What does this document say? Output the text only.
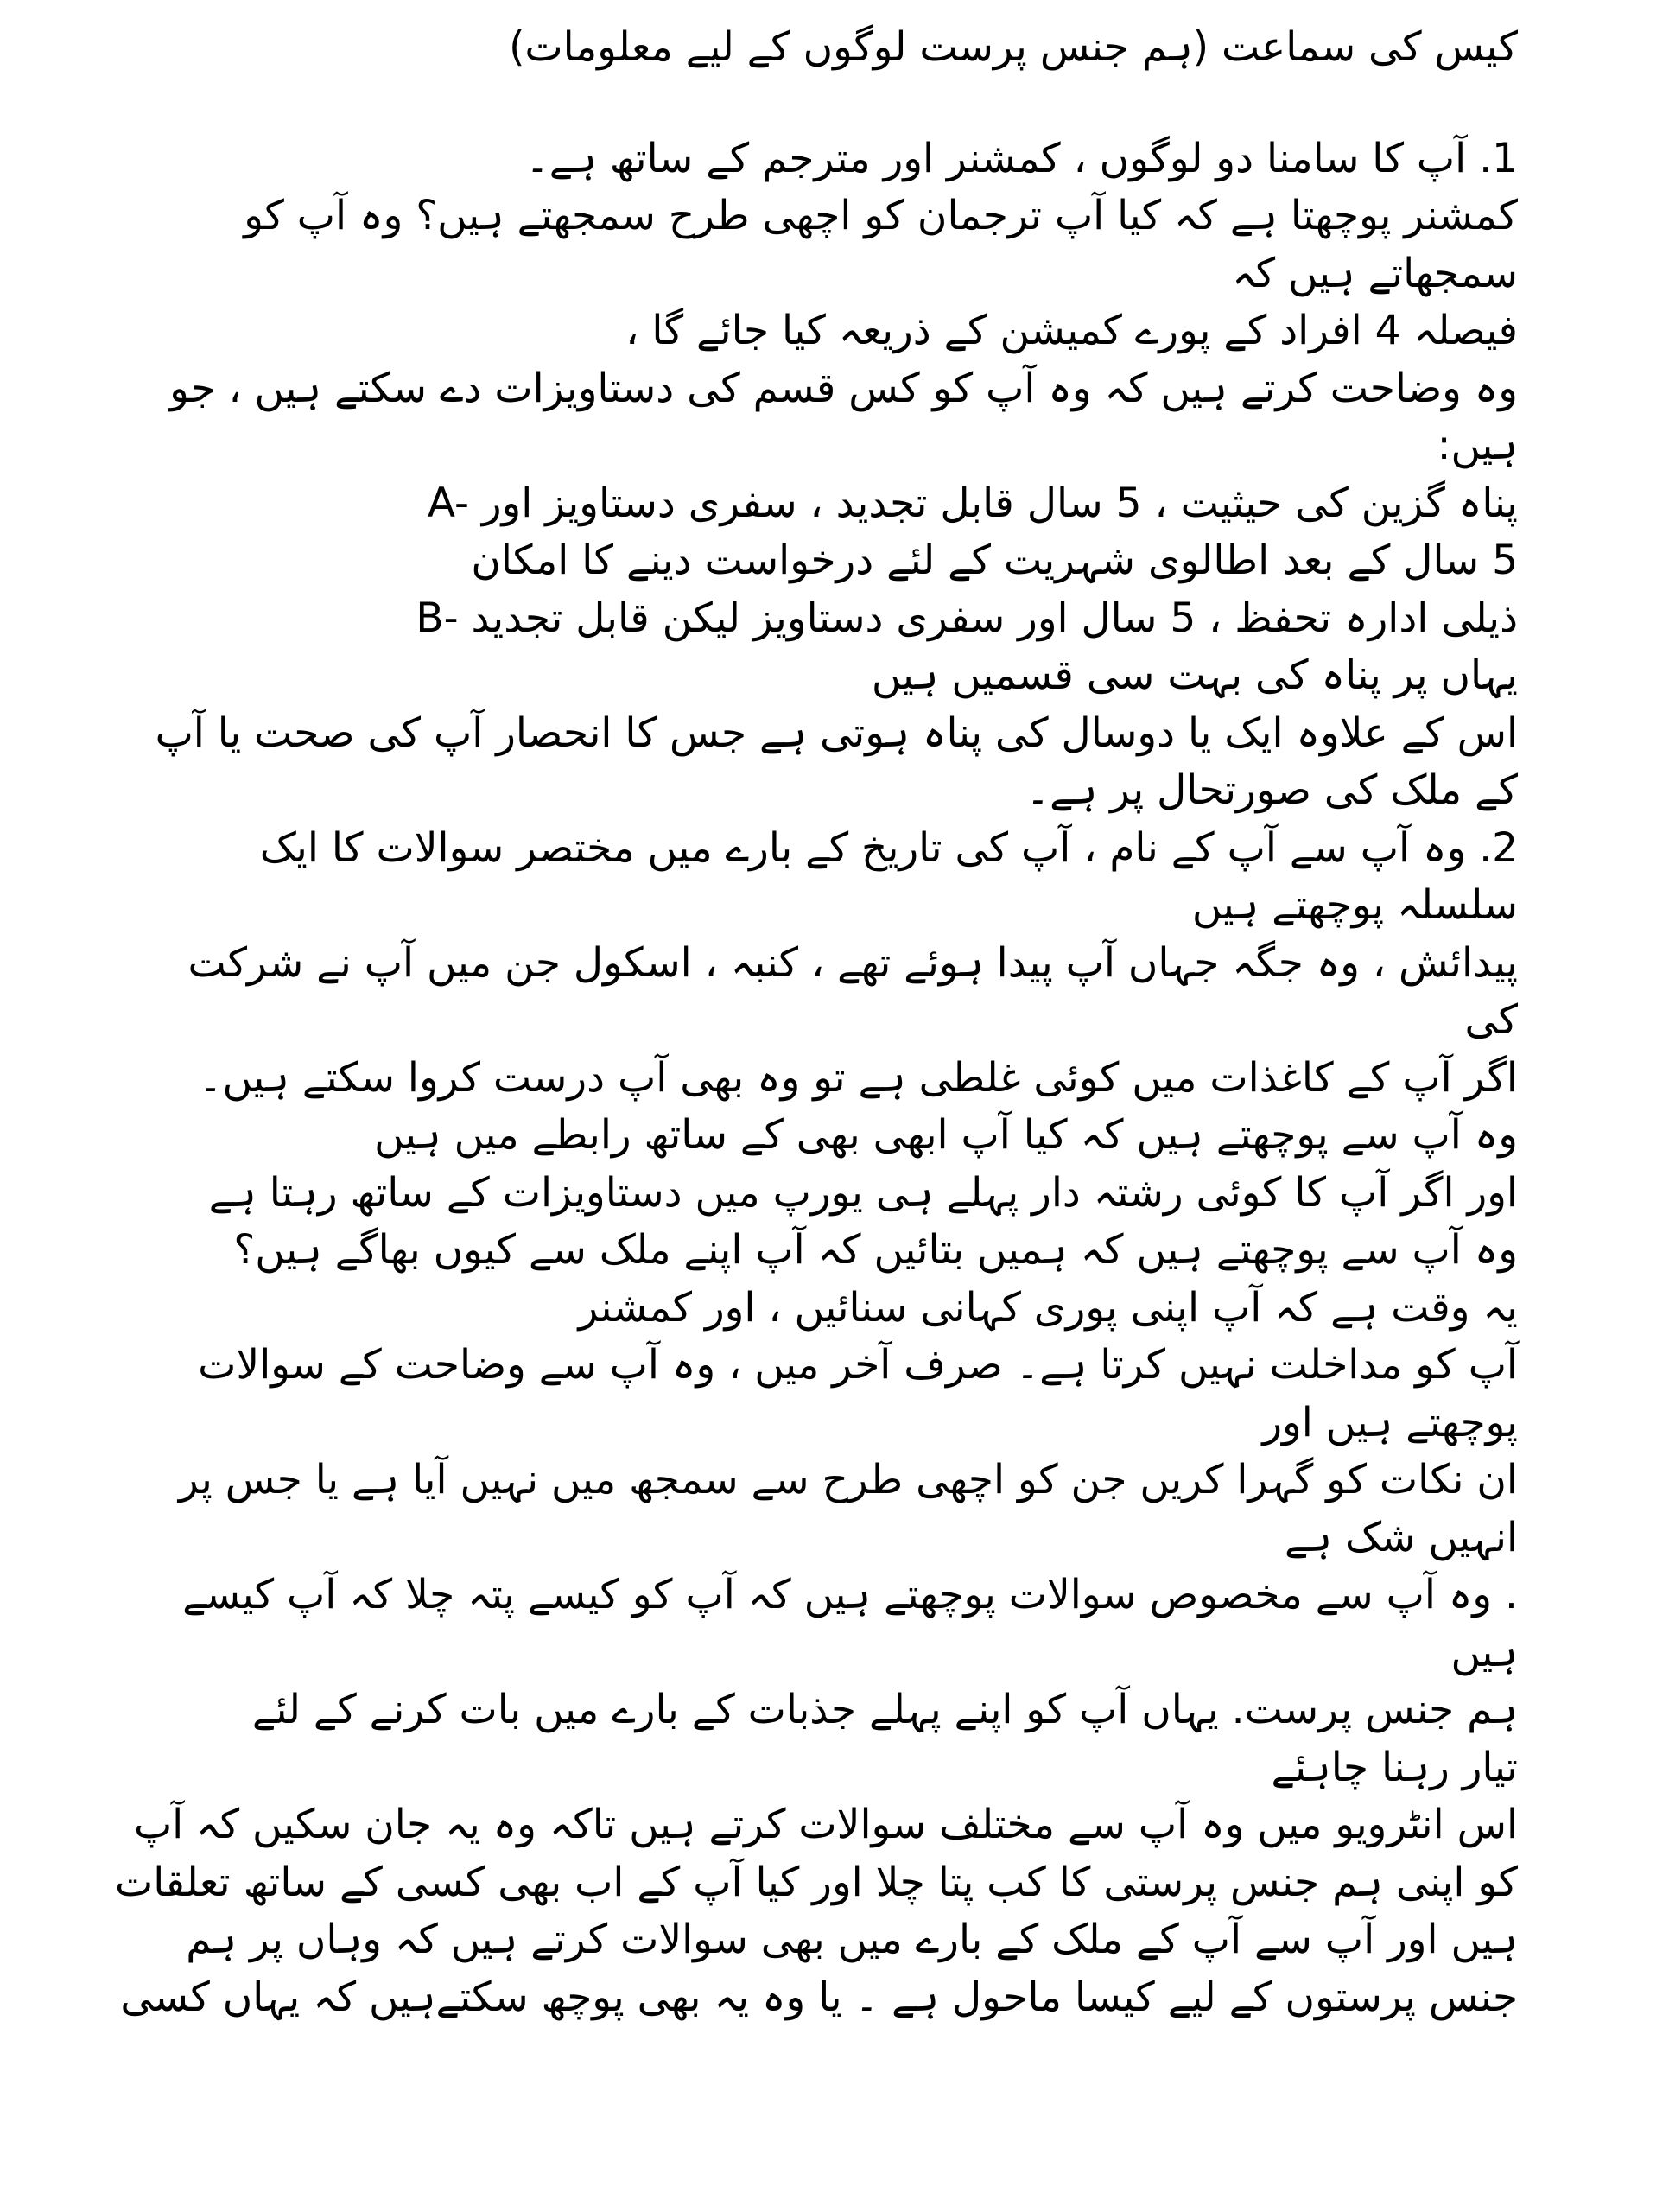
کیس کی سماعت (ہم جنس پرست لوگوں کے لیے معلومات)
1. آپ کا سامنا دو لوگوں ، کمشنر اور مترجم کے ساتھ ہے۔
کمشنر پوچھتا ہے کہ کیا آپ ترجمان کو اچھی طرح سمجھتے ہیں؟ وہ آپ کو
سمجھاتے ہیں کہ
فیصلہ 4 افراد کے پورے کمیشن کے ذریعہ کیا جائے گا ،
وہ وضاحت کرتے ہیں کہ وہ آپ کو کس قسم کی دستاویزات دے سکتے ہیں ، جو
ہیں:
A- پناہ گزین کی حیثیت ، 5 سال قابل تجدید ، سفری دستاویز اور
5 سال کے بعد اطالوی شہریت کے لئے درخواست دینے کا امکان
B- ذیلی ادارہ تحفظ ، 5 سال اور سفری دستاویز لیکن قابل تجدید
یہاں پر پناہ کی بہت سی قسمیں ہیں
اس کے علاوہ ایک یا دوسال کی پناہ ہوتی ہے جس کا انحصار آپ کی صحت یا آپ
کے ملک کی صورتحال پر ہے۔
2. وہ آپ سے آپ کے نام ، آپ کی تاریخ کے بارے میں مختصر سوالات کا ایک
سلسلہ پوچھتے ہیں
پیدائش ، وہ جگہ جہاں آپ پیدا ہوئے تھے ، کنبہ ، اسکول جن میں آپ نے شرکت
کی
اگر آپ کے کاغذات میں کوئی غلطی ہے تو وہ بھی آپ درست کروا سکتے ہیں۔
وہ آپ سے پوچھتے ہیں کہ کیا آپ ابھی بھی کے ساتھ رابطے میں ہیں
اور اگر آپ کا کوئی رشتہ دار پہلے ہی یورپ میں دستاویزات کے ساتھ رہتا ہے
وہ آپ سے پوچھتے ہیں کہ ہمیں بتائیں کہ آپ اپنے ملک سے کیوں بھاگے ہیں؟
یہ وقت ہے کہ آپ اپنی پوری کہانی سنائیں ، اور کمشنر
آپ کو مداخلت نہیں کرتا ہے۔ صرف آخر میں ، وہ آپ سے وضاحت کے سوالات
پوچھتے ہیں اور
ان نکات کو گہرا کریں جن کو اچھی طرح سے سمجھ میں نہیں آیا ہے یا جس پر
انہیں شک ہے
. وہ آپ سے مخصوص سوالات پوچھتے ہیں کہ آپ کو کیسے پتہ چلا کہ آپ کیسے
ہیں
ہم جنس پرست. یہاں آپ کو اپنے پہلے جذبات کے بارے میں بات کرنے کے لئے
تیار رہنا چاہئے
اس انٹرویو میں وہ آپ سے مختلف سوالات کرتے ہیں تاکہ وہ یہ جان سکیں کہ آپ
کو اپنی ہم جنس پرستی کا کب پتا چلا اور کیا آپ کے اب بھی کسی کے ساتھ تعلقات
ہیں اور آپ سے آپ کے ملک کے بارے میں بھی سوالات کرتے ہیں کہ وہاں پر ہم
جنس پرستوں کے لیے کیسا ماحول ہے ۔ یا وہ یہ بھی پوچھ سکتےہیں کہ یہاں کسی
